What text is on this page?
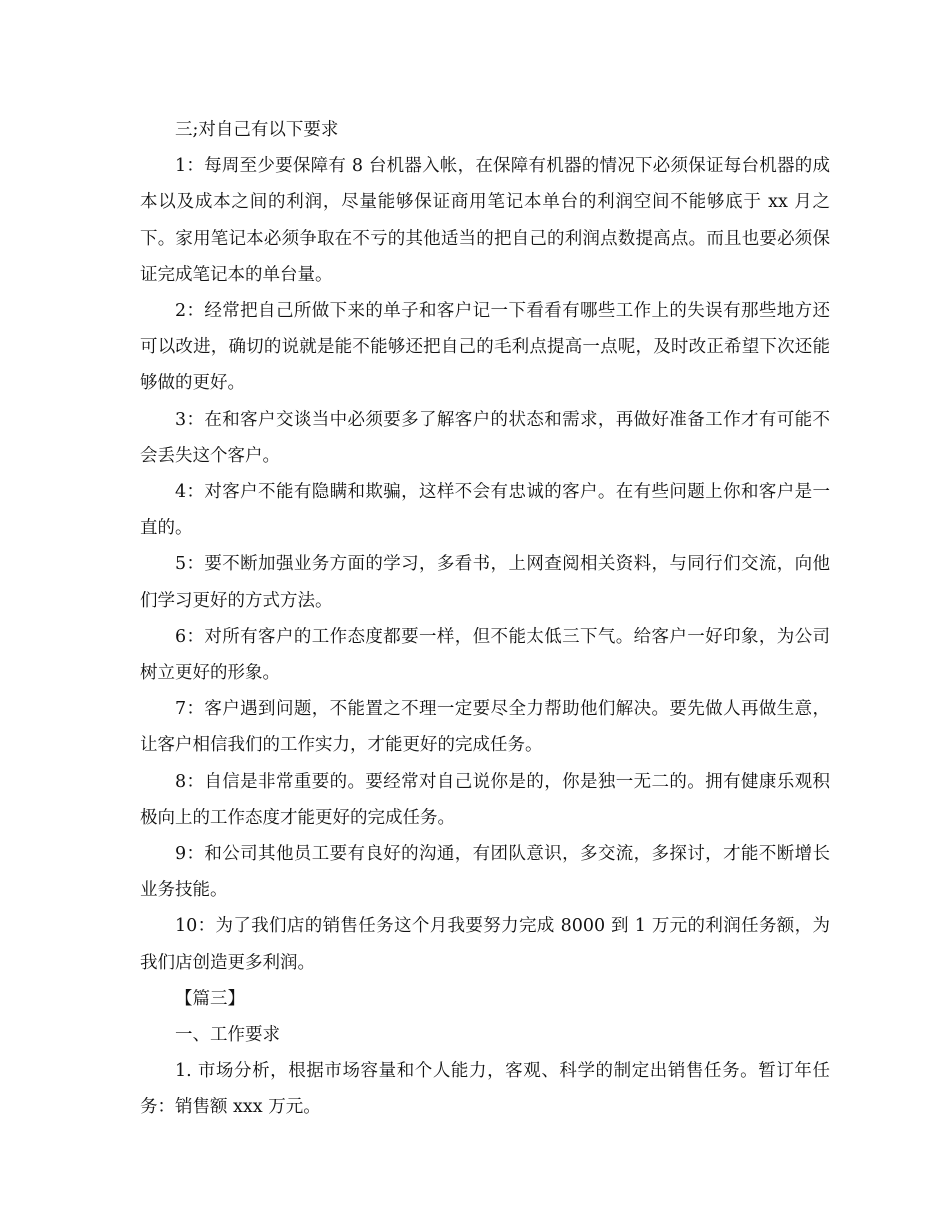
三;对自己有以下要求

1：每周至少要保障有 8 台机器入帐，在保障有机器的情况下必须保证每台机器的成本以及成本之间的利润，尽量能够保证商用笔记本单台的利润空间不能够底于 xx 月之下。家用笔记本必须争取在不亏的其他适当的把自己的利润点数提高点。而且也要必须保证完成笔记本的单台量。

2：经常把自己所做下来的单子和客户记一下看看有哪些工作上的失误有那些地方还可以改进，确切的说就是能不能够还把自己的毛利点提高一点呢，及时改正希望下次还能够做的更好。

3：在和客户交谈当中必须要多了解客户的状态和需求，再做好准备工作才有可能不会丢失这个客户。

4：对客户不能有隐瞒和欺骗，这样不会有忠诚的客户。在有些问题上你和客户是一直的。

5：要不断加强业务方面的学习，多看书，上网查阅相关资料，与同行们交流，向他们学习更好的方式方法。

6：对所有客户的工作态度都要一样，但不能太低三下气。给客户一好印象，为公司树立更好的形象。

7：客户遇到问题，不能置之不理一定要尽全力帮助他们解决。要先做人再做生意，让客户相信我们的工作实力，才能更好的完成任务。

8：自信是非常重要的。要经常对自己说你是的，你是独一无二的。拥有健康乐观积极向上的工作态度才能更好的完成任务。

9：和公司其他员工要有良好的沟通，有团队意识，多交流，多探讨，才能不断增长业务技能。

10：为了我们店的销售任务这个月我要努力完成 8000 到 1 万元的利润任务额，为我们店创造更多利润。

【篇三】

一、工作要求

1. 市场分析，根据市场容量和个人能力，客观、科学的制定出销售任务。暂订年任务：销售额 xxx 万元。
